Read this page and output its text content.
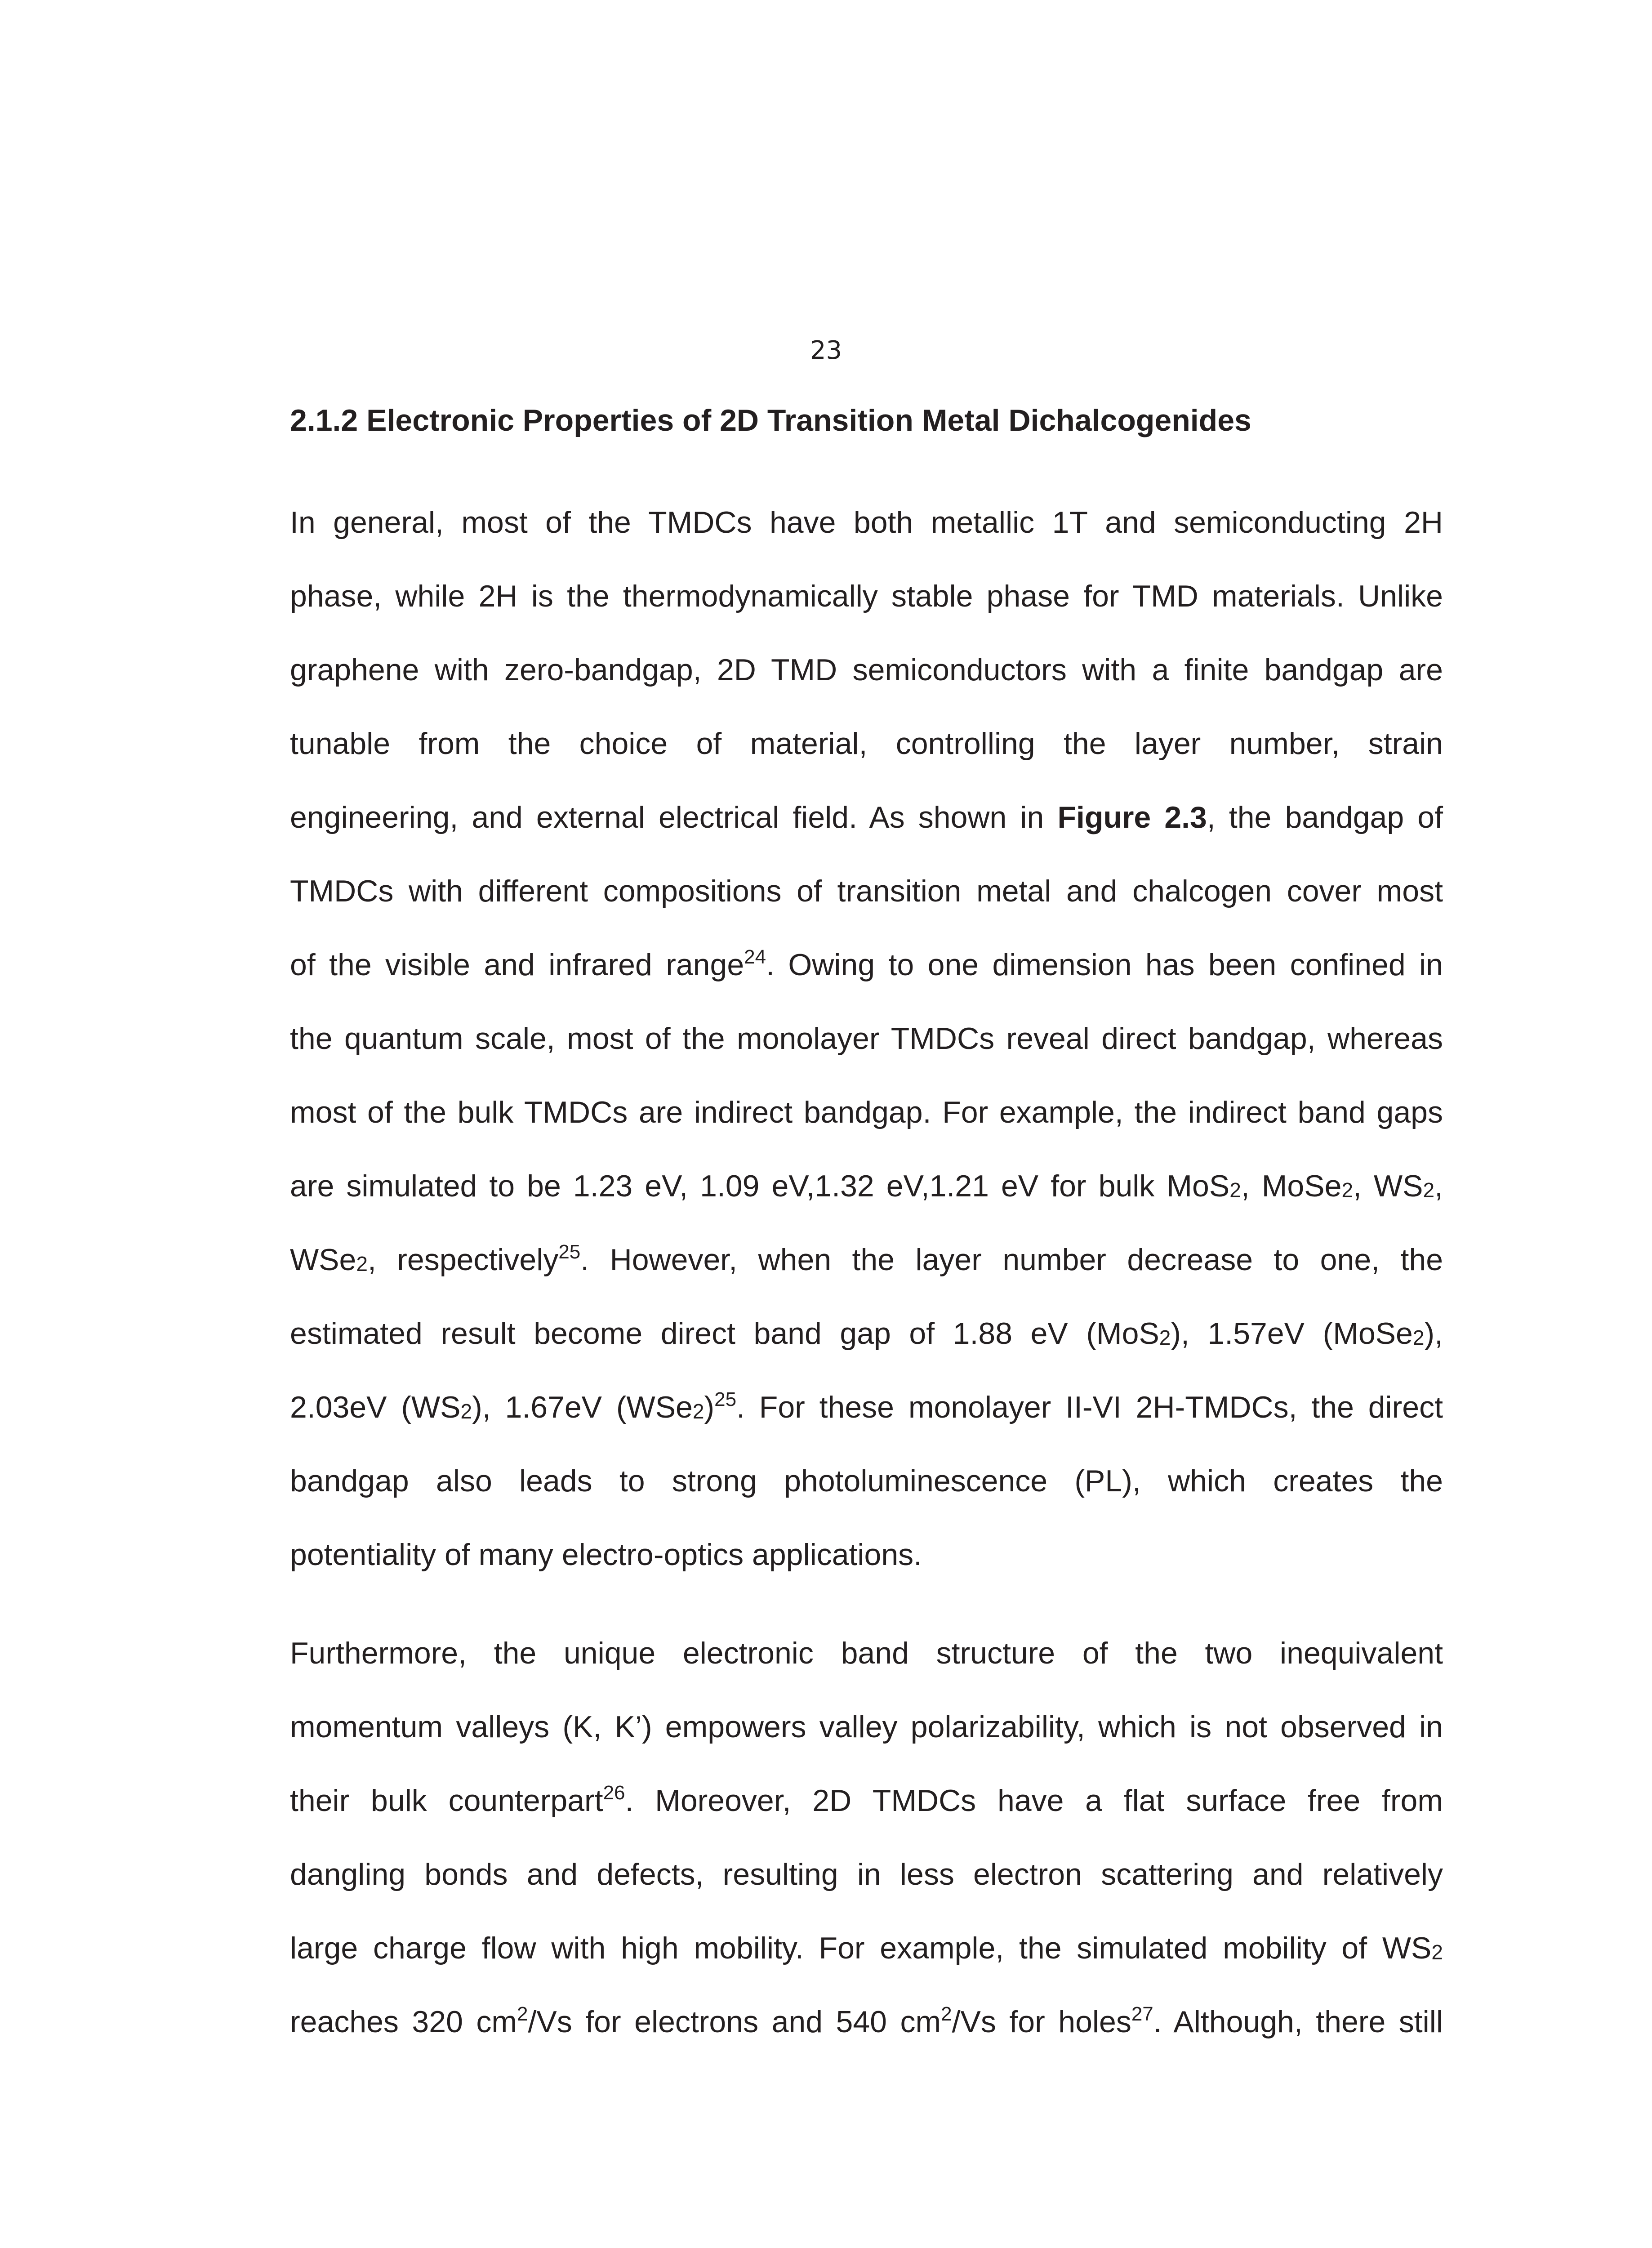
23
2.1.2 Electronic Properties of 2D Transition Metal Dichalcogenides
In general, most of the TMDCs have both metallic 1T and semiconducting 2H
phase, while 2H is the thermodynamically stable phase for TMD materials. Unlike
graphene with zero-bandgap, 2D TMD semiconductors with a finite bandgap are
tunable from the choice of material, controlling the layer number, strain
engineering, and external electrical field. As shown in Figure 2.3, the bandgap of
TMDCs with different compositions of transition metal and chalcogen cover most
of the visible and infrared range$^{24}$. Owing to one dimension has been confined in
the quantum scale, most of the monolayer TMDCs reveal direct bandgap, whereas
most of the bulk TMDCs are indirect bandgap. For example, the indirect band gaps
are simulated to be 1.23 eV, 1.09 eV,1.32 eV,1.21 eV for bulk MoS$_2$, MoSe$_2$, $WS_2$,
WSe$_2$, respectively$^{25}$. However, when the layer number decrease to one, the
estimated result become direct band gap of 1.88 eV (MoS$_2$), 1.57eV (MoSe$_2$),
2.03eV $(WS_2)$, 1.67eV $(WSe_2)^{25}$. For these monolayer II-VI 2H-TMDCs, the direct
bandgap also leads to strong photoluminescence (PL), which creates the
potentiality of many electro-optics applications.
Furthermore, the unique electronic band structure of the two inequivalent
momentum valleys (K, K’) empowers valley polarizability, which is not observed in
their bulk counterpart$^{26}$. Moreover, 2D TMDCs have a flat surface free from
dangling bonds and defects, resulting in less electron scattering and relatively
large charge flow with high mobility. For example, the simulated mobility of $WS_2$
reaches 320 $cm^2/Vs$ for electrons and 540 $cm^2/Vs$ for holes$^{27}$. Although, there still
